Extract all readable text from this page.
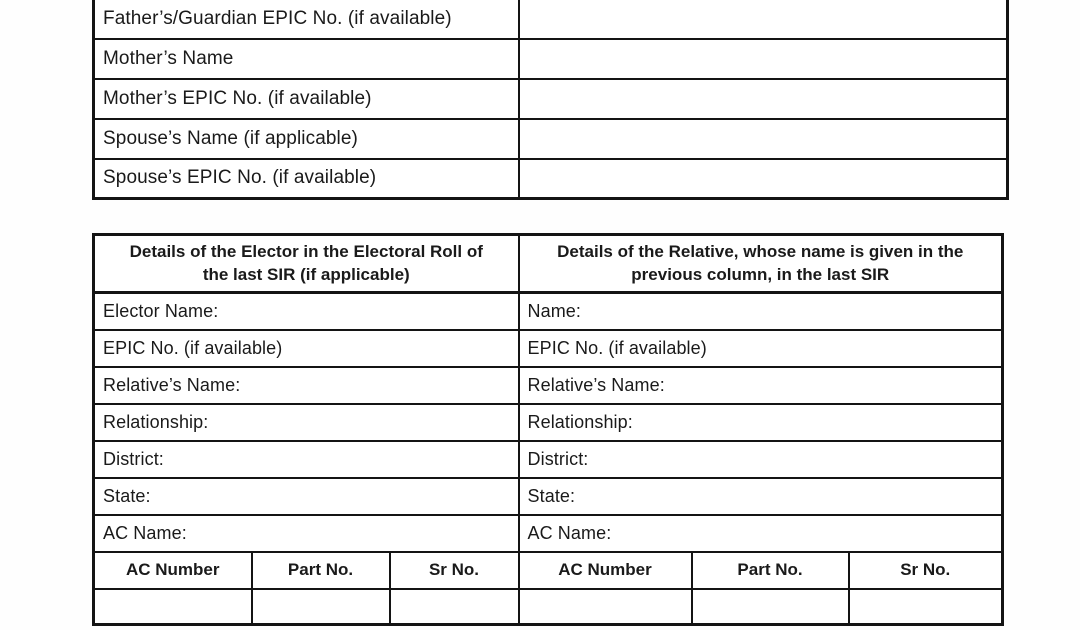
Father’s/Guardian EPIC No. (if available)	
Mother’s Name	
Mother’s EPIC No. (if available)	
Spouse’s Name (if applicable)	
Spouse’s EPIC No. (if available)	
Details of the Elector in the Electoral Roll of the last SIR (if applicable)			Details of the Relative, whose name is given in the previous column, in the last SIR		
Elector Name:			Name:		
EPIC No. (if available)			EPIC No. (if available)		
Relative’s Name:			Relative’s Name:		
Relationship:			Relationship:		
District:			District:		
State:			State:		
AC Name:			AC Name:		
AC Number	Part No.	Sr No.	AC Number	Part No.	Sr No.
